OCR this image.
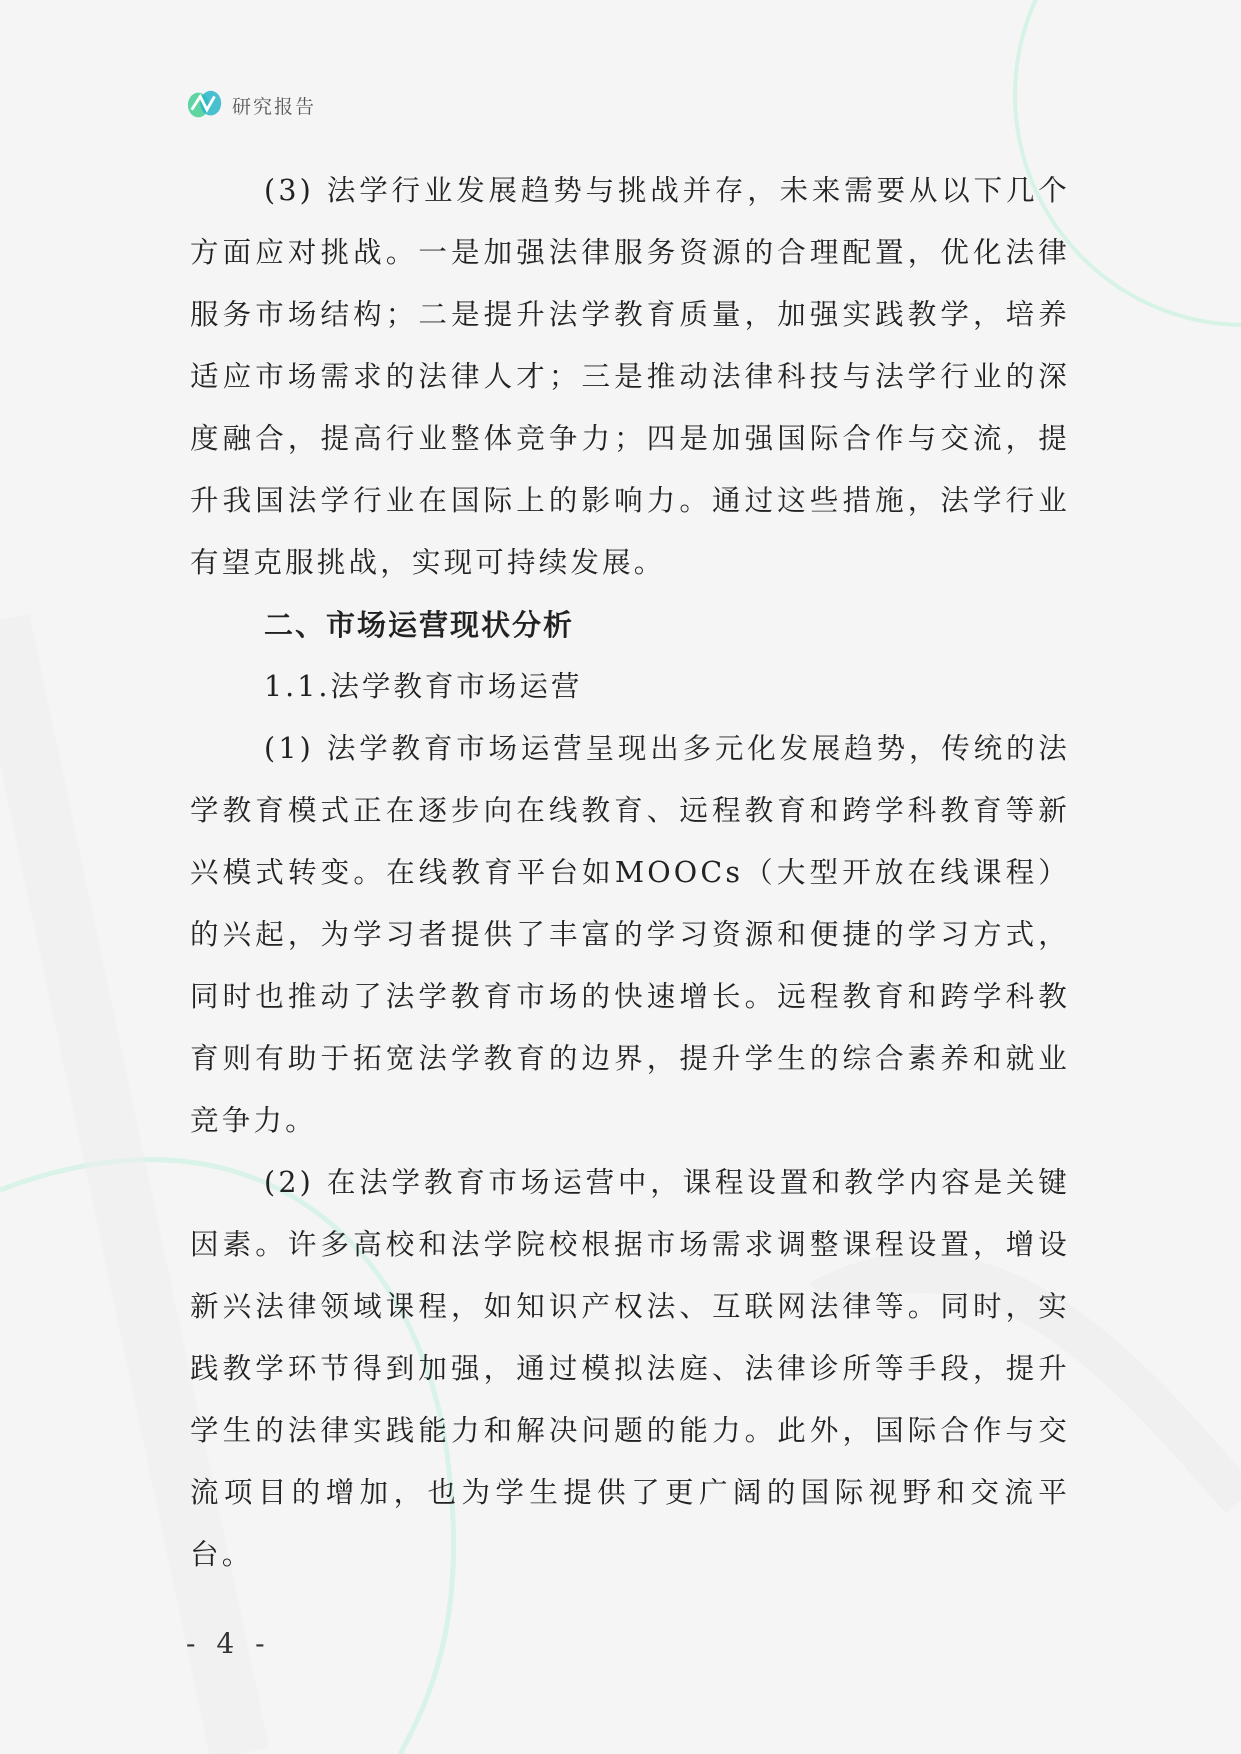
研究报告

(3) 法学行业发展趋势与挑战并存，未来需要从以下几个方面应对挑战。一是加强法律服务资源的合理配置，优化法律服务市场结构；二是提升法学教育质量，加强实践教学，培养适应市场需求的法律人才；三是推动法律科技与法学行业的深度融合，提高行业整体竞争力；四是加强国际合作与交流，提升我国法学行业在国际上的影响力。通过这些措施，法学行业有望克服挑战，实现可持续发展。

二、市场运营现状分析

1.1.法学教育市场运营

(1) 法学教育市场运营呈现出多元化发展趋势，传统的法学教育模式正在逐步向在线教育、远程教育和跨学科教育等新兴模式转变。在线教育平台如MOOCs（大型开放在线课程）的兴起，为学习者提供了丰富的学习资源和便捷的学习方式，同时也推动了法学教育市场的快速增长。远程教育和跨学科教育则有助于拓宽法学教育的边界，提升学生的综合素养和就业竞争力。

(2) 在法学教育市场运营中，课程设置和教学内容是关键因素。许多高校和法学院校根据市场需求调整课程设置，增设新兴法律领域课程，如知识产权法、互联网法律等。同时，实践教学环节得到加强，通过模拟法庭、法律诊所等手段，提升学生的法律实践能力和解决问题的能力。此外，国际合作与交流项目的增加，也为学生提供了更广阔的国际视野和交流平台。

- 4 -
